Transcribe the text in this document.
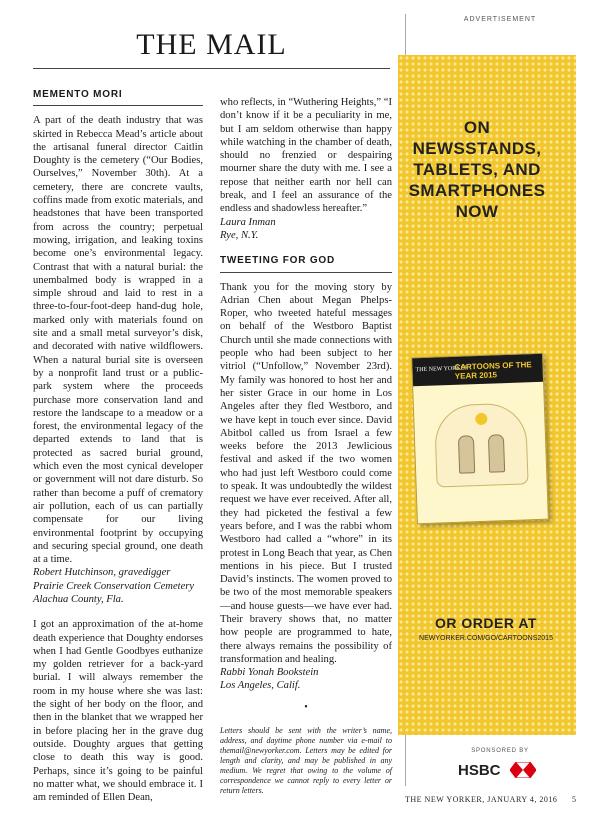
THE MAIL
MEMENTO MORI

A part of the death industry that was skirted in Rebecca Mead’s article about the artisanal funeral director Caitlin Doughty is the cemetery (“Our Bodies, Ourselves,” November 30th). At a cemetery, there are concrete vaults, coffins made from exotic materials, and headstones that have been transported from across the country; perpetual mowing, irrigation, and leaking toxins become one’s environmental legacy. Contrast that with a natural burial: the unembalmed body is wrapped in a simple shroud and laid to rest in a three-to-four-foot-deep hand-dug hole, marked only with materials found on site and a small metal surveyor’s disk, and decorated with native wildflowers. When a natural burial site is overseen by a nonprofit land trust or a public-park system where the proceeds purchase more conservation land and restore the landscape to a meadow or a forest, the environmental legacy of the departed extends to land that is protected as sacred burial ground, which even the most cynical developer or government will not dare disturb. So rather than become a puff of crematory air pollution, each of us can partially compensate for our living environmental footprint by occupying and securing special ground, one death at a time.

Robert Hutchinson, gravedigger

Prairie Creek Conservation Cemetery

Alachua County, Fla.

I got an approximation of the at-home death experience that Doughty endorses when I had Gentle Goodbyes euthanize my golden retriever for a back-yard burial. I will always remember the room in my house where she was last: the sight of her body on the floor, and then in the blanket that we wrapped her in before placing her in the grave dug outside. Doughty argues that getting close to death this way is good. Perhaps, since it’s going to be painful no matter what, we should embrace it. I am reminded of Ellen Dean,

who reflects, in “Wuthering Heights,” “I don’t know if it be a peculiarity in me, but I am seldom otherwise than happy while watching in the chamber of death, should no frenzied or despairing mourner share the duty with me. I see a repose that neither earth nor hell can break, and I feel an assurance of the endless and shadowless hereafter.”

Laura Inman

Rye, N.Y.

TWEETING FOR GOD

Thank you for the moving story by Adrian Chen about Megan Phelps-Roper, who tweeted hateful messages on behalf of the Westboro Baptist Church until she made connections with people who had been subject to her vitriol (“Unfollow,” November 23rd). My family was honored to host her and her sister Grace in our home in Los Angeles after they fled Westboro, and we have kept in touch ever since. David Abitbol called us from Israel a few weeks before the 2013 Jewlicious festival and asked if the two women who had just left Westboro could come to speak. It was undoubtedly the wildest request we have ever received. After all, they had picketed the festival a few years before, and I was the rabbi whom Westboro had called a “whore” in its protest in Long Beach that year, as Chen mentions in his piece. But I trusted David’s instincts. The women proved to be two of the most memorable speakers—and house guests—we have ever had. Their bravery shows that, no matter how people are programmed to hate, there always remains the possibility of transformation and healing.

Rabbi Yonah Bookstein

Los Angeles, Calif.

•

Letters should be sent with the writer’s name, address, and daytime phone number via e-mail to themail@newyorker.com. Letters may be edited for length and clarity, and may be published in any medium. We regret that owing to the volume of correspondence we cannot reply to every letter or return letters.

ADVERTISEMENT
ON NEWSSTANDS, TABLETS, AND SMARTPHONES NOW
THE NEW YORKER
CARTOONS OF THE YEAR 2015
OR ORDER AT
NEWYORKER.COM/GO/CARTOONS2015
SPONSORED BY
HSBC
THE NEW YORKER, JANUARY 4, 2016 5
